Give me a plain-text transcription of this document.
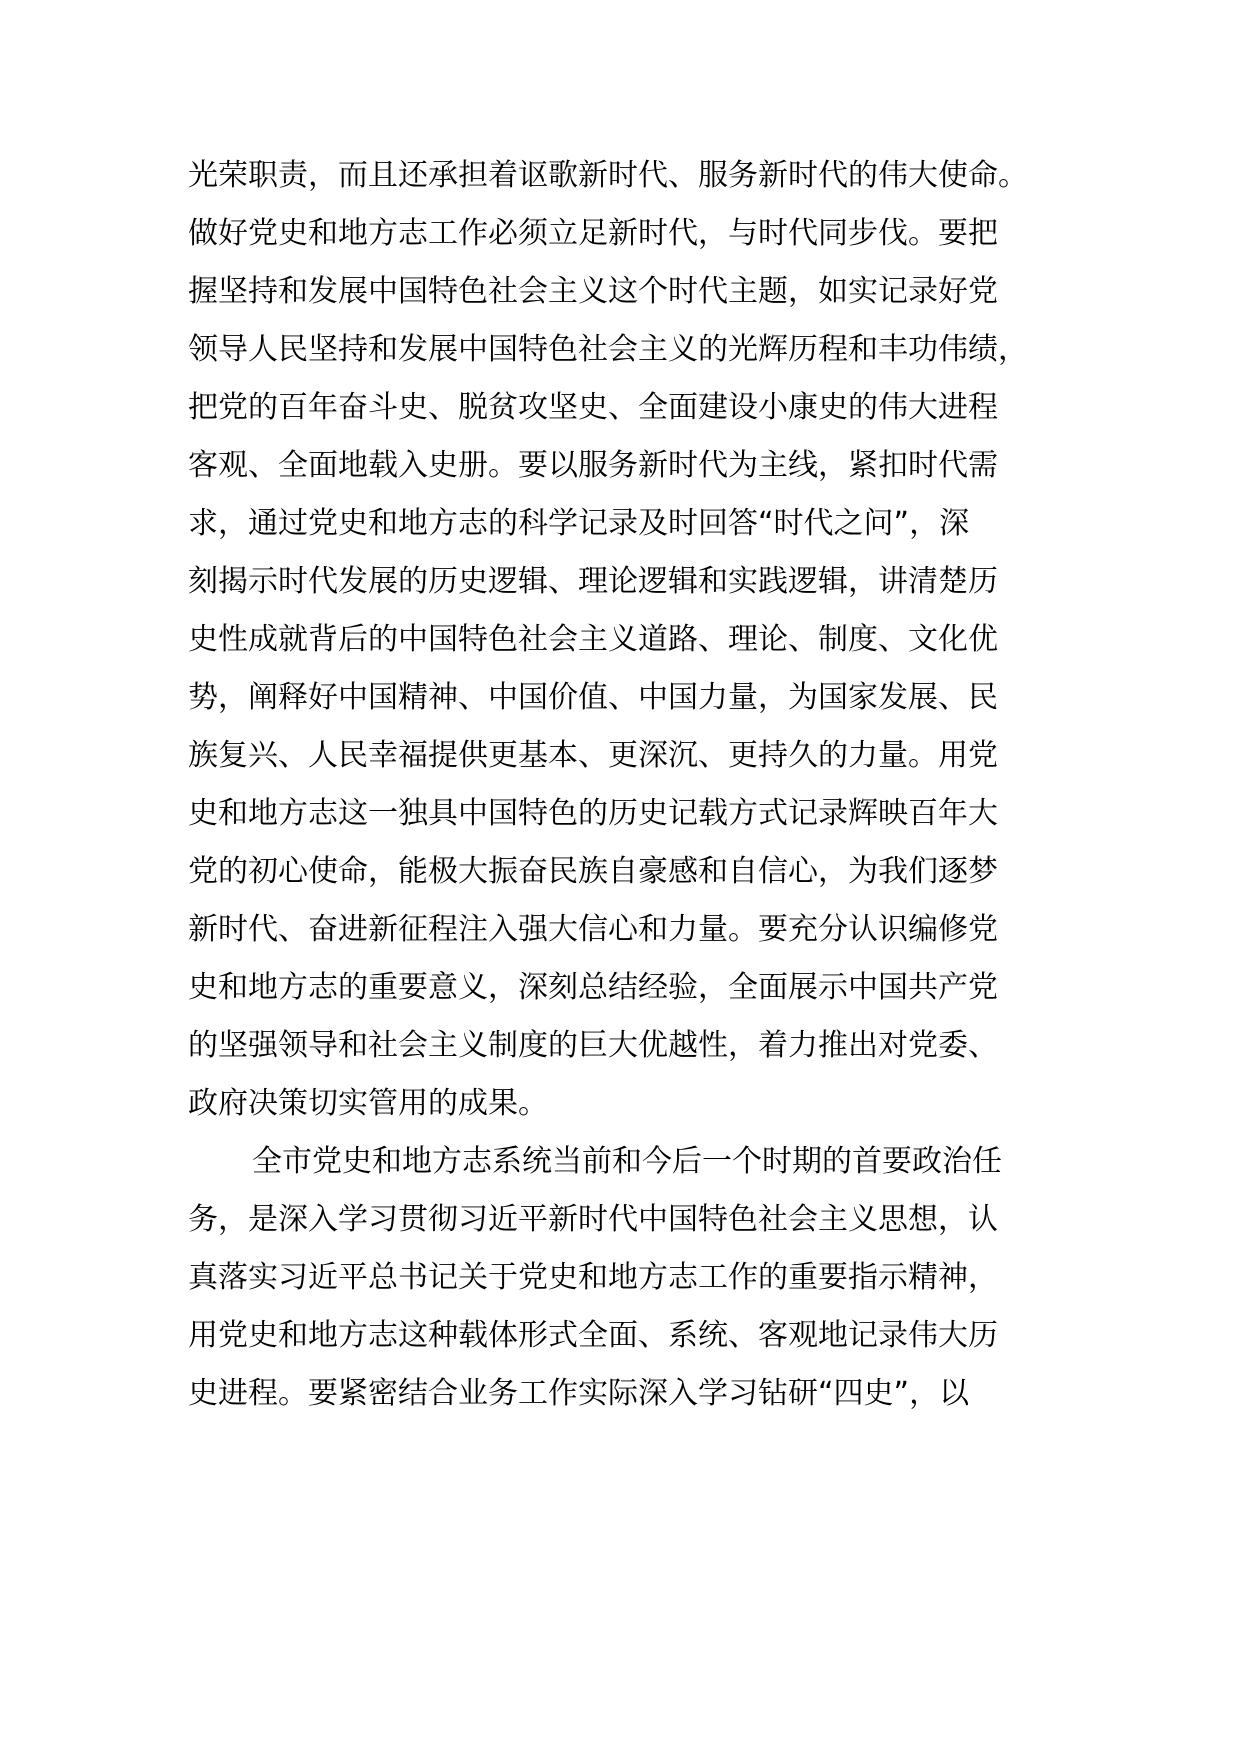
光荣职责，而且还承担着讴歌新时代、服务新时代的伟大使命。
做好党史和地方志工作必须立足新时代，与时代同步伐。要把
握坚持和发展中国特色社会主义这个时代主题，如实记录好党
领导人民坚持和发展中国特色社会主义的光辉历程和丰功伟绩，
把党的百年奋斗史、脱贫攻坚史、全面建设小康史的伟大进程
客观、全面地载入史册。要以服务新时代为主线，紧扣时代需
求，通过党史和地方志的科学记录及时回答“时代之问”，深
刻揭示时代发展的历史逻辑、理论逻辑和实践逻辑，讲清楚历
史性成就背后的中国特色社会主义道路、理论、制度、文化优
势，阐释好中国精神、中国价值、中国力量，为国家发展、民
族复兴、人民幸福提供更基本、更深沉、更持久的力量。用党
史和地方志这一独具中国特色的历史记载方式记录辉映百年大
党的初心使命，能极大振奋民族自豪感和自信心，为我们逐梦
新时代、奋进新征程注入强大信心和力量。要充分认识编修党
史和地方志的重要意义，深刻总结经验，全面展示中国共产党
的坚强领导和社会主义制度的巨大优越性，着力推出对党委、
政府决策切实管用的成果。
全市党史和地方志系统当前和今后一个时期的首要政治任
务，是深入学习贯彻习近平新时代中国特色社会主义思想，认
真落实习近平总书记关于党史和地方志工作的重要指示精神，
用党史和地方志这种载体形式全面、系统、客观地记录伟大历
史进程。要紧密结合业务工作实际深入学习钻研“四史”，以
